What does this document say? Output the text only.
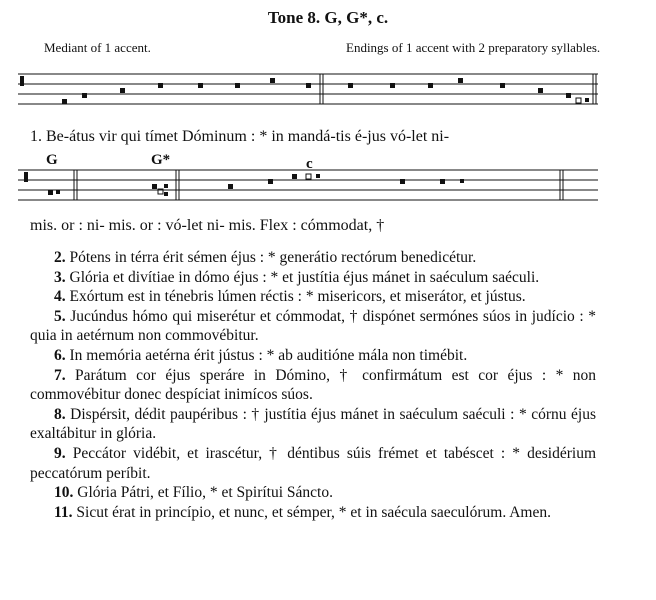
Tone 8. G, G*, c.
Mediant of 1 accent.	Endings of 1 accent with 2 preparatory syllables.
1. Be-átus vir qui tímet Dóminum : * in mandá-tis é-jus vó-let ni-
G	G*	c
mis. or : ni- mis. or : vó-let ni- mis. Flex : cómmodat, †

2. Pótens in térra érit sémen éjus : * generátio rectórum benedicétur.

3. Glória et divítiae in dómo éjus : * et justítia éjus mánet in saéculum saéculi.

4. Exórtum est in ténebris lúmen réctis : * misericors, et miserátor, et jústus.

5. Jucúndus hómo qui miserétur et cómmodat, † dispónet sermónes súos in judício : * quia in aetérnum non commovébitur.

6. In memória aetérna érit jústus : * ab auditióne mála non timébit.

7. Parátum cor éjus speráre in Dómino, † confirmátum est cor éjus : * non commovébitur donec despíciat inimícos súos.

8. Dispérsit, dédit paupéribus : † justítia éjus mánet in saéculum saéculi : * córnu éjus exaltábitur in glória.

9. Peccátor vidébit, et irascétur, † déntibus súis frémet et tabéscet : * desidérium peccatórum períbit.

10. Glória Pátri, et Fílio, * et Spirítui Sáncto.

11. Sicut érat in princípio, et nunc, et sémper, * et in saécula saeculórum. Amen.
